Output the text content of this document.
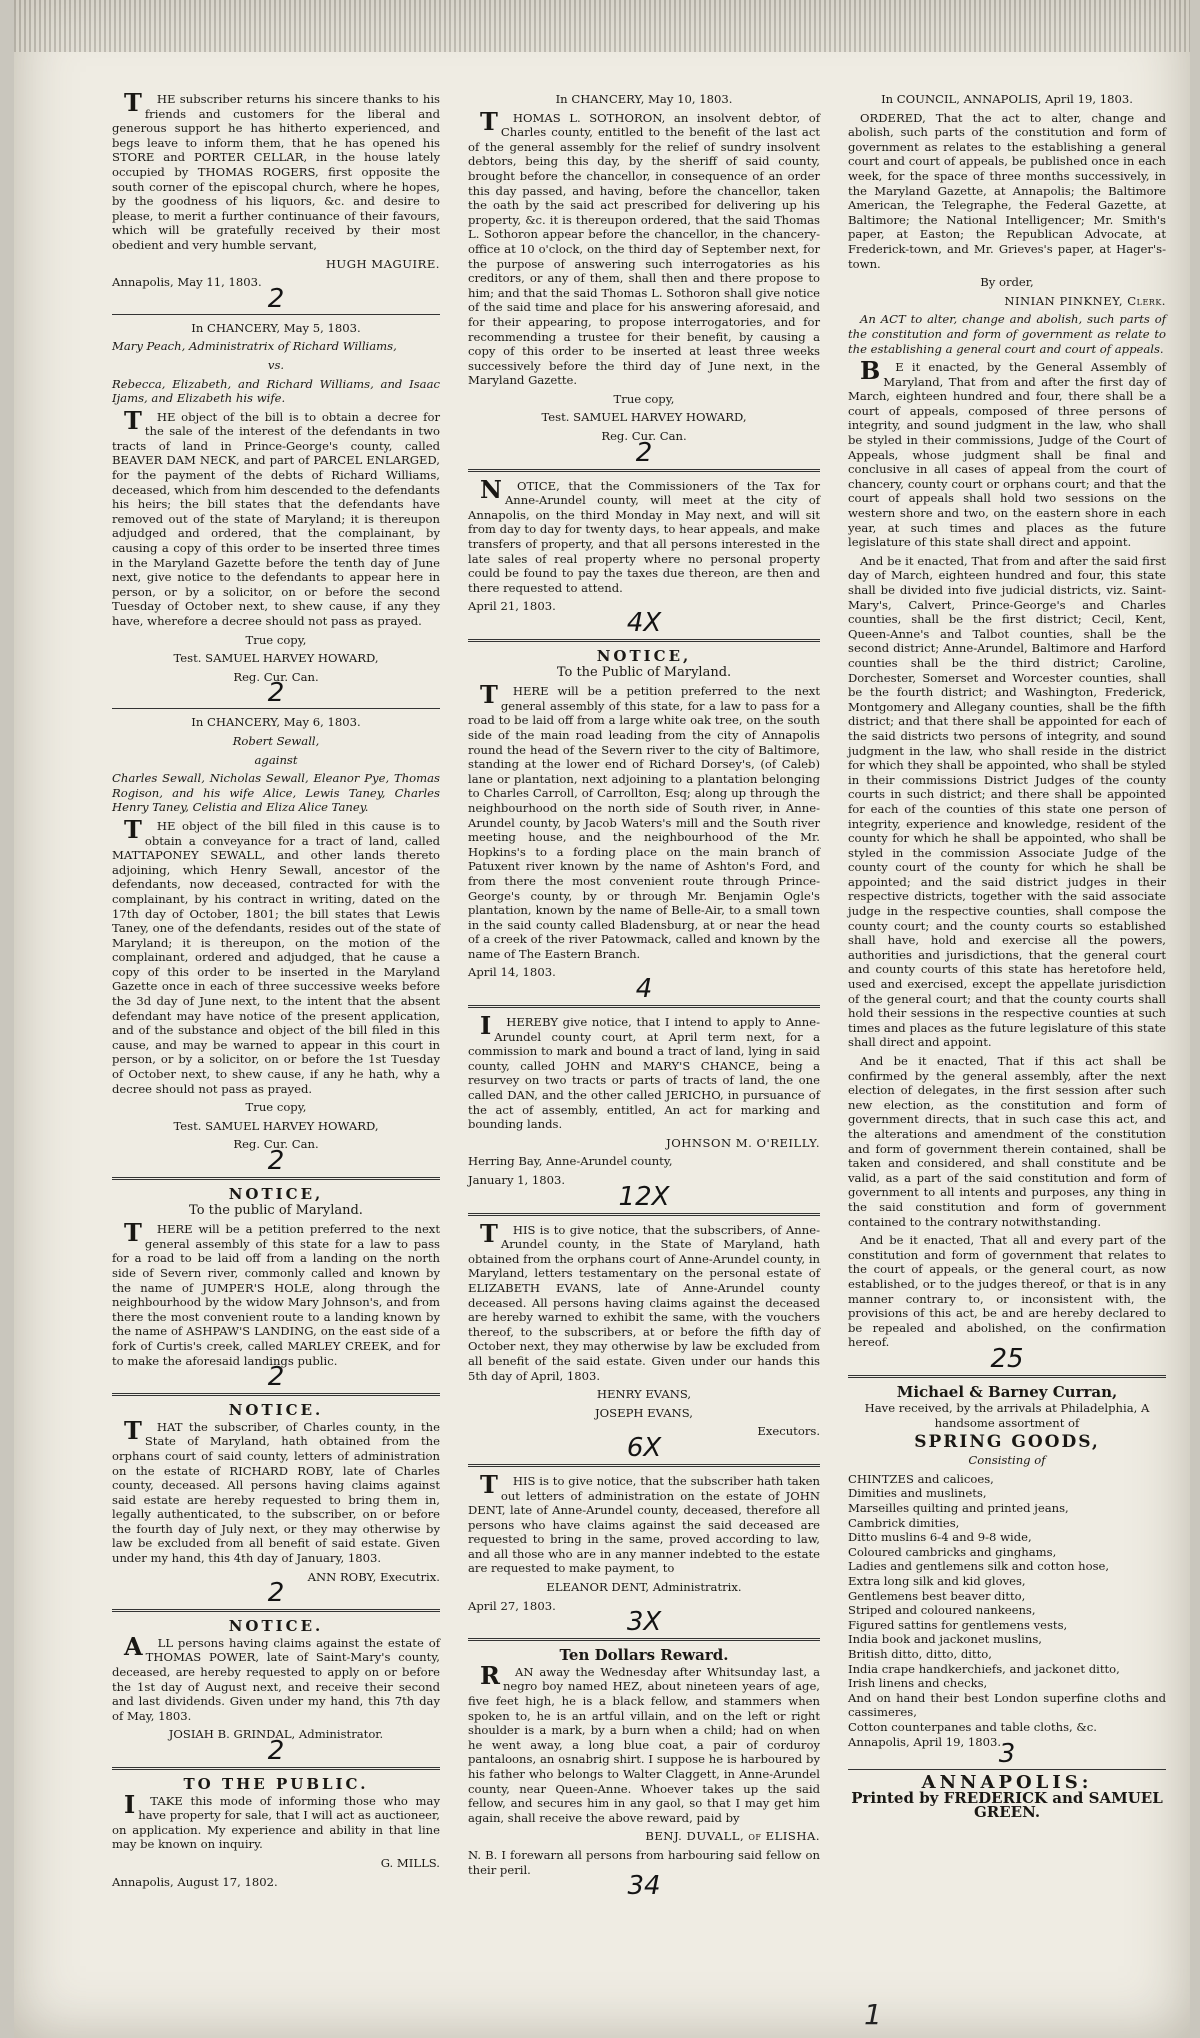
THE subscriber returns his sincere thanks to his friends and customers for the liberal and generous support he has hitherto experienced, and begs leave to inform them, that he has opened his STORE and PORTER CELLAR, in the house lately occupied by THOMAS ROGERS, first opposite the south corner of the episcopal church, where he hopes, by the goodness of his liquors, &c. and desire to please, to merit a further continuance of their favours, which will be gratefully received by their most obedient and very humble servant,

HUGH MAGUIRE.

Annapolis, May 11, 1803.

2

In CHANCERY, May 5, 1803.

Mary Peach, Administratrix of Richard Williams,

vs.

Rebecca, Elizabeth, and Richard Williams, and Isaac Ijams, and Elizabeth his wife.

THE object of the bill is to obtain a decree for the sale of the interest of the defendants in two tracts of land in Prince-George's county, called BEAVER DAM NECK, and part of PARCEL ENLARGED, for the payment of the debts of Richard Williams, deceased, which from him descended to the defendants his heirs; the bill states that the defendants have removed out of the state of Maryland; it is thereupon adjudged and ordered, that the complainant, by causing a copy of this order to be inserted three times in the Maryland Gazette before the tenth day of June next, give notice to the defendants to appear here in person, or by a solicitor, on or before the second Tuesday of October next, to shew cause, if any they have, wherefore a decree should not pass as prayed.

True copy,

Test. SAMUEL HARVEY HOWARD,

Reg. Cur. Can.

2

In CHANCERY, May 6, 1803.

Robert Sewall,

against

Charles Sewall, Nicholas Sewall, Eleanor Pye, Thomas Rogison, and his wife Alice, Lewis Taney, Charles Henry Taney, Celistia and Eliza Alice Taney.

THE object of the bill filed in this cause is to obtain a conveyance for a tract of land, called MATTAPONEY SEWALL, and other lands thereto adjoining, which Henry Sewall, ancestor of the defendants, now deceased, contracted for with the complainant, by his contract in writing, dated on the 17th day of October, 1801; the bill states that Lewis Taney, one of the defendants, resides out of the state of Maryland; it is thereupon, on the motion of the complainant, ordered and adjudged, that he cause a copy of this order to be inserted in the Maryland Gazette once in each of three successive weeks before the 3d day of June next, to the intent that the absent defendant may have notice of the present application, and of the substance and object of the bill filed in this cause, and may be warned to appear in this court in person, or by a solicitor, on or before the 1st Tuesday of October next, to shew cause, if any he hath, why a decree should not pass as prayed.

True copy,

Test. SAMUEL HARVEY HOWARD,

Reg. Cur. Can.

2
NOTICE,
To the public of Maryland.

THERE will be a petition preferred to the next general assembly of this state for a law to pass for a road to be laid off from a landing on the north side of Severn river, commonly called and known by the name of JUMPER'S HOLE, along through the neighbourhood by the widow Mary Johnson's, and from there the most convenient route to a landing known by the name of ASHPAW'S LANDING, on the east side of a fork of Curtis's creek, called MARLEY CREEK, and for to make the aforesaid landings public.

2
NOTICE.

THAT the subscriber, of Charles county, in the State of Maryland, hath obtained from the orphans court of said county, letters of administration on the estate of RICHARD ROBY, late of Charles county, deceased. All persons having claims against said estate are hereby requested to bring them in, legally authenticated, to the subscriber, on or before the fourth day of July next, or they may otherwise by law be excluded from all benefit of said estate. Given under my hand, this 4th day of January, 1803.

ANN ROBY, Executrix.

2
NOTICE.

ALL persons having claims against the estate of THOMAS POWER, late of Saint-Mary's county, deceased, are hereby requested to apply on or before the 1st day of August next, and receive their second and last dividends. Given under my hand, this 7th day of May, 1803.

JOSIAH B. GRINDAL, Administrator.

2
TO THE PUBLIC.

ITAKE this mode of informing those who may have property for sale, that I will act as auctioneer, on application. My experience and ability in that line may be known on inquiry.

G. MILLS.

Annapolis, August 17, 1802.

In CHANCERY, May 10, 1803.

THOMAS L. SOTHORON, an insolvent debtor, of Charles county, entitled to the benefit of the last act of the general assembly for the relief of sundry insolvent debtors, being this day, by the sheriff of said county, brought before the chancellor, in consequence of an order this day passed, and having, before the chancellor, taken the oath by the said act prescribed for delivering up his property, &c. it is thereupon ordered, that the said Thomas L. Sothoron appear before the chancellor, in the chancery-office at 10 o'clock, on the third day of September next, for the purpose of answering such interrogatories as his creditors, or any of them, shall then and there propose to him; and that the said Thomas L. Sothoron shall give notice of the said time and place for his answering aforesaid, and for their appearing, to propose interrogatories, and for recommending a trustee for their benefit, by causing a copy of this order to be inserted at least three weeks successively before the third day of June next, in the Maryland Gazette.

True copy,

Test. SAMUEL HARVEY HOWARD,

Reg. Cur. Can.

2

NOTICE, that the Commissioners of the Tax for Anne-Arundel county, will meet at the city of Annapolis, on the third Monday in May next, and will sit from day to day for twenty days, to hear appeals, and make transfers of property, and that all persons interested in the late sales of real property where no personal property could be found to pay the taxes due thereon, are then and there requested to attend.

April 21, 1803.

4X
NOTICE,
To the Public of Maryland.

THERE will be a petition preferred to the next general assembly of this state, for a law to pass for a road to be laid off from a large white oak tree, on the south side of the main road leading from the city of Annapolis round the head of the Severn river to the city of Baltimore, standing at the lower end of Richard Dorsey's, (of Caleb) lane or plantation, next adjoining to a plantation belonging to Charles Carroll, of Carrollton, Esq; along up through the neighbourhood on the north side of South river, in Anne-Arundel county, by Jacob Waters's mill and the South river meeting house, and the neighbourhood of the Mr. Hopkins's to a fording place on the main branch of Patuxent river known by the name of Ashton's Ford, and from there the most convenient route through Prince-George's county, by or through Mr. Benjamin Ogle's plantation, known by the name of Belle-Air, to a small town in the said county called Bladensburg, at or near the head of a creek of the river Patowmack, called and known by the name of The Eastern Branch.

April 14, 1803.

4

IHEREBY give notice, that I intend to apply to Anne-Arundel county court, at April term next, for a commission to mark and bound a tract of land, lying in said county, called JOHN and MARY'S CHANCE, being a resurvey on two tracts or parts of tracts of land, the one called DAN, and the other called JERICHO, in pursuance of the act of assembly, entitled, An act for marking and bounding lands.

JOHNSON M. O'REILLY.

Herring Bay, Anne-Arundel county,

January 1, 1803.

12X

THIS is to give notice, that the subscribers, of Anne-Arundel county, in the State of Maryland, hath obtained from the orphans court of Anne-Arundel county, in Maryland, letters testamentary on the personal estate of ELIZABETH EVANS, late of Anne-Arundel county deceased. All persons having claims against the deceased are hereby warned to exhibit the same, with the vouchers thereof, to the subscribers, at or before the fifth day of October next, they may otherwise by law be excluded from all benefit of the said estate. Given under our hands this 5th day of April, 1803.

HENRY EVANS,

JOSEPH EVANS,

Executors.

6X

THIS is to give notice, that the subscriber hath taken out letters of administration on the estate of JOHN DENT, late of Anne-Arundel county, deceased, therefore all persons who have claims against the said deceased are requested to bring in the same, proved according to law, and all those who are in any manner indebted to the estate are requested to make payment, to

ELEANOR DENT, Administratrix.

April 27, 1803.

3X
Ten Dollars Reward.

RAN away the Wednesday after Whitsunday last, a negro boy named HEZ, about nineteen years of age, five feet high, he is a black fellow, and stammers when spoken to, he is an artful villain, and on the left or right shoulder is a mark, by a burn when a child; had on when he went away, a long blue coat, a pair of corduroy pantaloons, an osnabrig shirt. I suppose he is harboured by his father who belongs to Walter Claggett, in Anne-Arundel county, near Queen-Anne. Whoever takes up the said fellow, and secures him in any gaol, so that I may get him again, shall receive the above reward, paid by

BENJ. DUVALL, of ELISHA.

N. B. I forewarn all persons from harbouring said fellow on their peril.

34

In COUNCIL, ANNAPOLIS, April 19, 1803.

ORDERED, That the act to alter, change and abolish, such parts of the constitution and form of government as relates to the establishing a general court and court of appeals, be published once in each week, for the space of three months successively, in the Maryland Gazette, at Annapolis; the Baltimore American, the Telegraphe, the Federal Gazette, at Baltimore; the National Intelligencer; Mr. Smith's paper, at Easton; the Republican Advocate, at Frederick-town, and Mr. Grieves's paper, at Hager's-town.

By order,

NINIAN PINKNEY, Clerk.

An ACT to alter, change and abolish, such parts of the constitution and form of government as relate to the establishing a general court and court of appeals.

BE it enacted, by the General Assembly of Maryland, That from and after the first day of March, eighteen hundred and four, there shall be a court of appeals, composed of three persons of integrity, and sound judgment in the law, who shall be styled in their commissions, Judge of the Court of Appeals, whose judgment shall be final and conclusive in all cases of appeal from the court of chancery, county court or orphans court; and that the court of appeals shall hold two sessions on the western shore and two, on the eastern shore in each year, at such times and places as the future legislature of this state shall direct and appoint.

And be it enacted, That from and after the said first day of March, eighteen hundred and four, this state shall be divided into five judicial districts, viz. Saint-Mary's, Calvert, Prince-George's and Charles counties, shall be the first district; Cecil, Kent, Queen-Anne's and Talbot counties, shall be the second district; Anne-Arundel, Baltimore and Harford counties shall be the third district; Caroline, Dorchester, Somerset and Worcester counties, shall be the fourth district; and Washington, Frederick, Montgomery and Allegany counties, shall be the fifth district; and that there shall be appointed for each of the said districts two persons of integrity, and sound judgment in the law, who shall reside in the district for which they shall be appointed, who shall be styled in their commissions District Judges of the county courts in such district; and there shall be appointed for each of the counties of this state one person of integrity, experience and knowledge, resident of the county for which he shall be appointed, who shall be styled in the commission Associate Judge of the county court of the county for which he shall be appointed; and the said district judges in their respective districts, together with the said associate judge in the respective counties, shall compose the county court; and the county courts so established shall have, hold and exercise all the powers, authorities and jurisdictions, that the general court and county courts of this state has heretofore held, used and exercised, except the appellate jurisdiction of the general court; and that the county courts shall hold their sessions in the respective counties at such times and places as the future legislature of this state shall direct and appoint.

And be it enacted, That if this act shall be confirmed by the general assembly, after the next election of delegates, in the first session after such new election, as the constitution and form of government directs, that in such case this act, and the alterations and amendment of the constitution and form of government therein contained, shall be taken and considered, and shall constitute and be valid, as a part of the said constitution and form of government to all intents and purposes, any thing in the said constitution and form of government contained to the contrary notwithstanding.

And be it enacted, That all and every part of the constitution and form of government that relates to the court of appeals, or the general court, as now established, or to the judges thereof, or that is in any manner contrary to, or inconsistent with, the provisions of this act, be and are hereby declared to be repealed and abolished, on the confirmation hereof.

25
Michael & Barney Curran,

Have received, by the arrivals at Philadelphia, A handsome assortment of

SPRING GOODS,

Consisting of

CHINTZES and calicoes,

Dimities and muslinets,

Marseilles quilting and printed jeans,

Cambrick dimities,

Ditto muslins 6-4 and 9-8 wide,

Coloured cambricks and ginghams,

Ladies and gentlemens silk and cotton hose,

Extra long silk and kid gloves,

Gentlemens best beaver ditto,

Striped and coloured nankeens,

Figured sattins for gentlemens vests,

India book and jackonet muslins,

British ditto, ditto, ditto,

India crape handkerchiefs, and jackonet ditto,

Irish linens and checks,

And on hand their best London superfine cloths and cassimeres,

Cotton counterpanes and table cloths, &c.

Annapolis, April 19, 1803.

3
ANNAPOLIS:
Printed by FREDERICK and SAMUEL GREEN.
1
